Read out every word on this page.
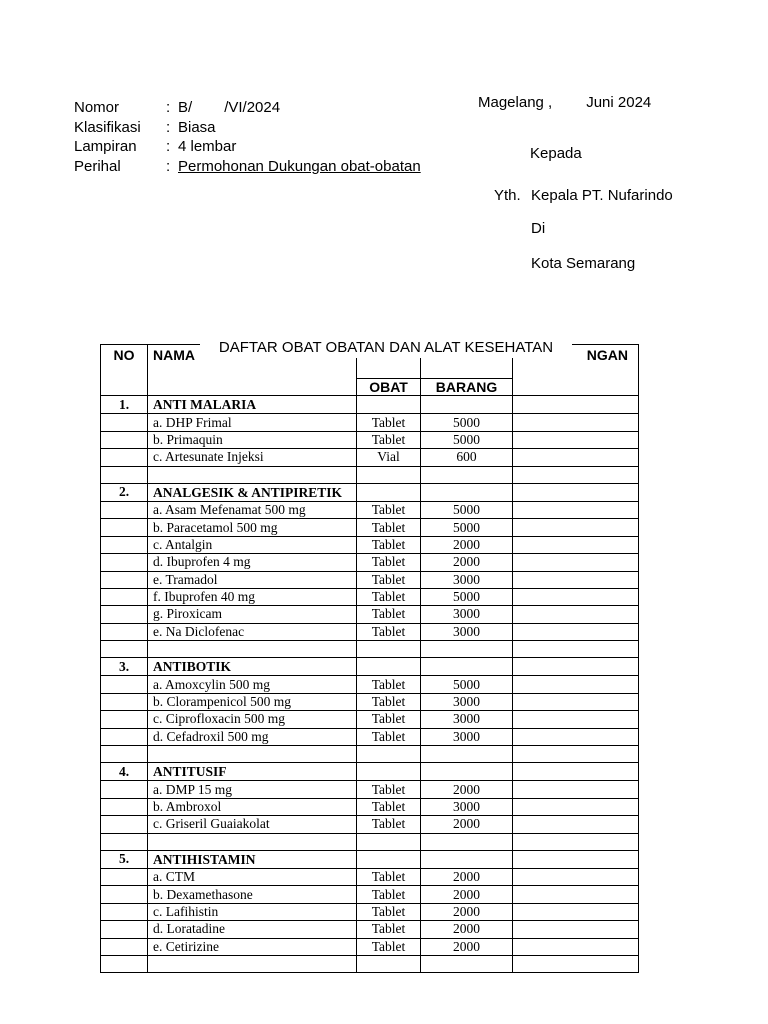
Nomor	: B/ /VI/2024
Klasifikasi	: Biasa
Lampiran	: 4 lembar
Perihal	: Permohonan Dukungan obat-obatan
Magelang , Juni 2024
Kepada
Yth. Kepala PT. Nufarindo
Di
Kota Semarang
DAFTAR OBAT OBATAN DAN ALAT KESEHATAN
NO	NAMA			NGAN
		OBAT	BARANG	
1.	ANTI MALARIA			
	a. DHP Frimal	Tablet	5000	
	b. Primaquin	Tablet	5000	
	c. Artesunate Injeksi	Vial	600	

2.	ANALGESIK & ANTIPIRETIK			
	a. Asam Mefenamat 500 mg	Tablet	5000	
	b. Paracetamol 500 mg	Tablet	5000	
	c. Antalgin	Tablet	2000	
	d. Ibuprofen 4 mg	Tablet	2000	
	e. Tramadol	Tablet	3000	
	f. Ibuprofen 40 mg	Tablet	5000	
	g. Piroxicam	Tablet	3000	
	e. Na Diclofenac	Tablet	3000	

3.	ANTIBOTIK			
	a. Amoxcylin 500 mg	Tablet	5000	
	b. Clorampenicol 500 mg	Tablet	3000	
	c. Ciprofloxacin 500 mg	Tablet	3000	
	d. Cefadroxil 500 mg	Tablet	3000	

4.	ANTITUSIF			
	a. DMP 15 mg	Tablet	2000	
	b. Ambroxol	Tablet	3000	
	c. Griseril Guaiakolat	Tablet	2000	

5.	ANTIHISTAMIN			
	a. CTM	Tablet	2000	
	b. Dexamethasone	Tablet	2000	
	c. Lafihistin	Tablet	2000	
	d. Loratadine	Tablet	2000	
	e. Cetirizine	Tablet	2000	
